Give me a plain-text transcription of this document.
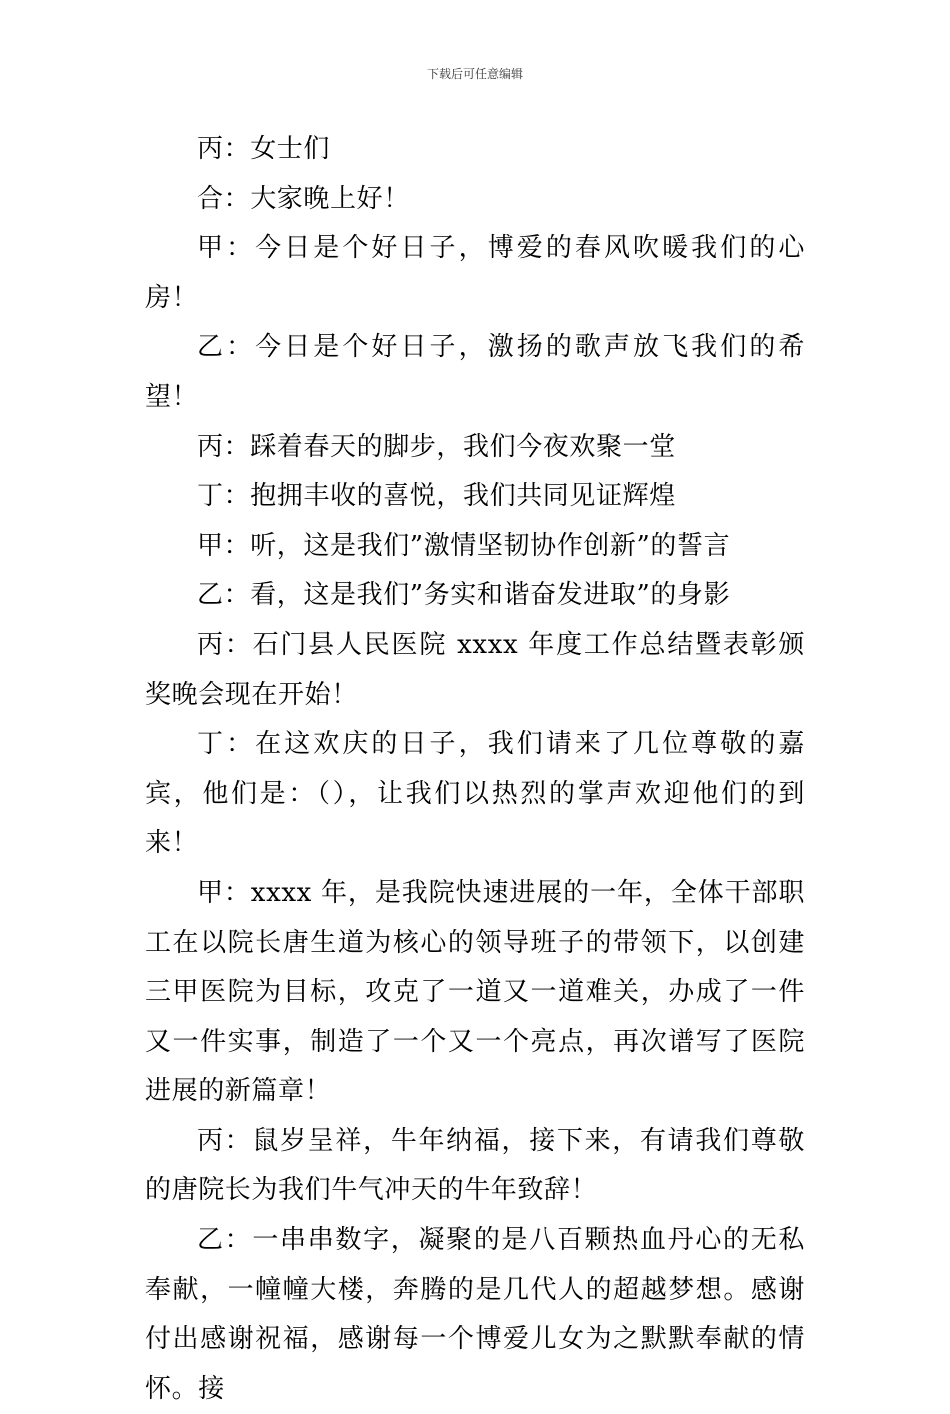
下载后可任意编辑

丙：女士们

合：大家晚上好！

甲：今日是个好日子，博爱的春风吹暖我们的心房！

乙：今日是个好日子，激扬的歌声放飞我们的希望！

丙：踩着春天的脚步，我们今夜欢聚一堂

丁：抱拥丰收的喜悦，我们共同见证辉煌

甲：听，这是我们”激情坚韧协作创新”的誓言

乙：看，这是我们”务实和谐奋发进取”的身影

丙：石门县人民医院 xxxx 年度工作总结暨表彰颁奖晚会现在开始！

丁：在这欢庆的日子，我们请来了几位尊敬的嘉宾，他们是：（），让我们以热烈的掌声欢迎他们的到来！

甲：xxxx 年，是我院快速进展的一年，全体干部职工在以院长唐生道为核心的领导班子的带领下，以创建三甲医院为目标，攻克了一道又一道难关，办成了一件又一件实事，制造了一个又一个亮点，再次谱写了医院进展的新篇章！

丙：鼠岁呈祥，牛年纳福，接下来，有请我们尊敬的唐院长为我们牛气冲天的牛年致辞！

乙：一串串数字，凝聚的是八百颗热血丹心的无私奉献，一幢幢大楼，奔腾的是几代人的超越梦想。感谢付出感谢祝福，感谢每一个博爱儿女为之默默奉献的情怀。接
